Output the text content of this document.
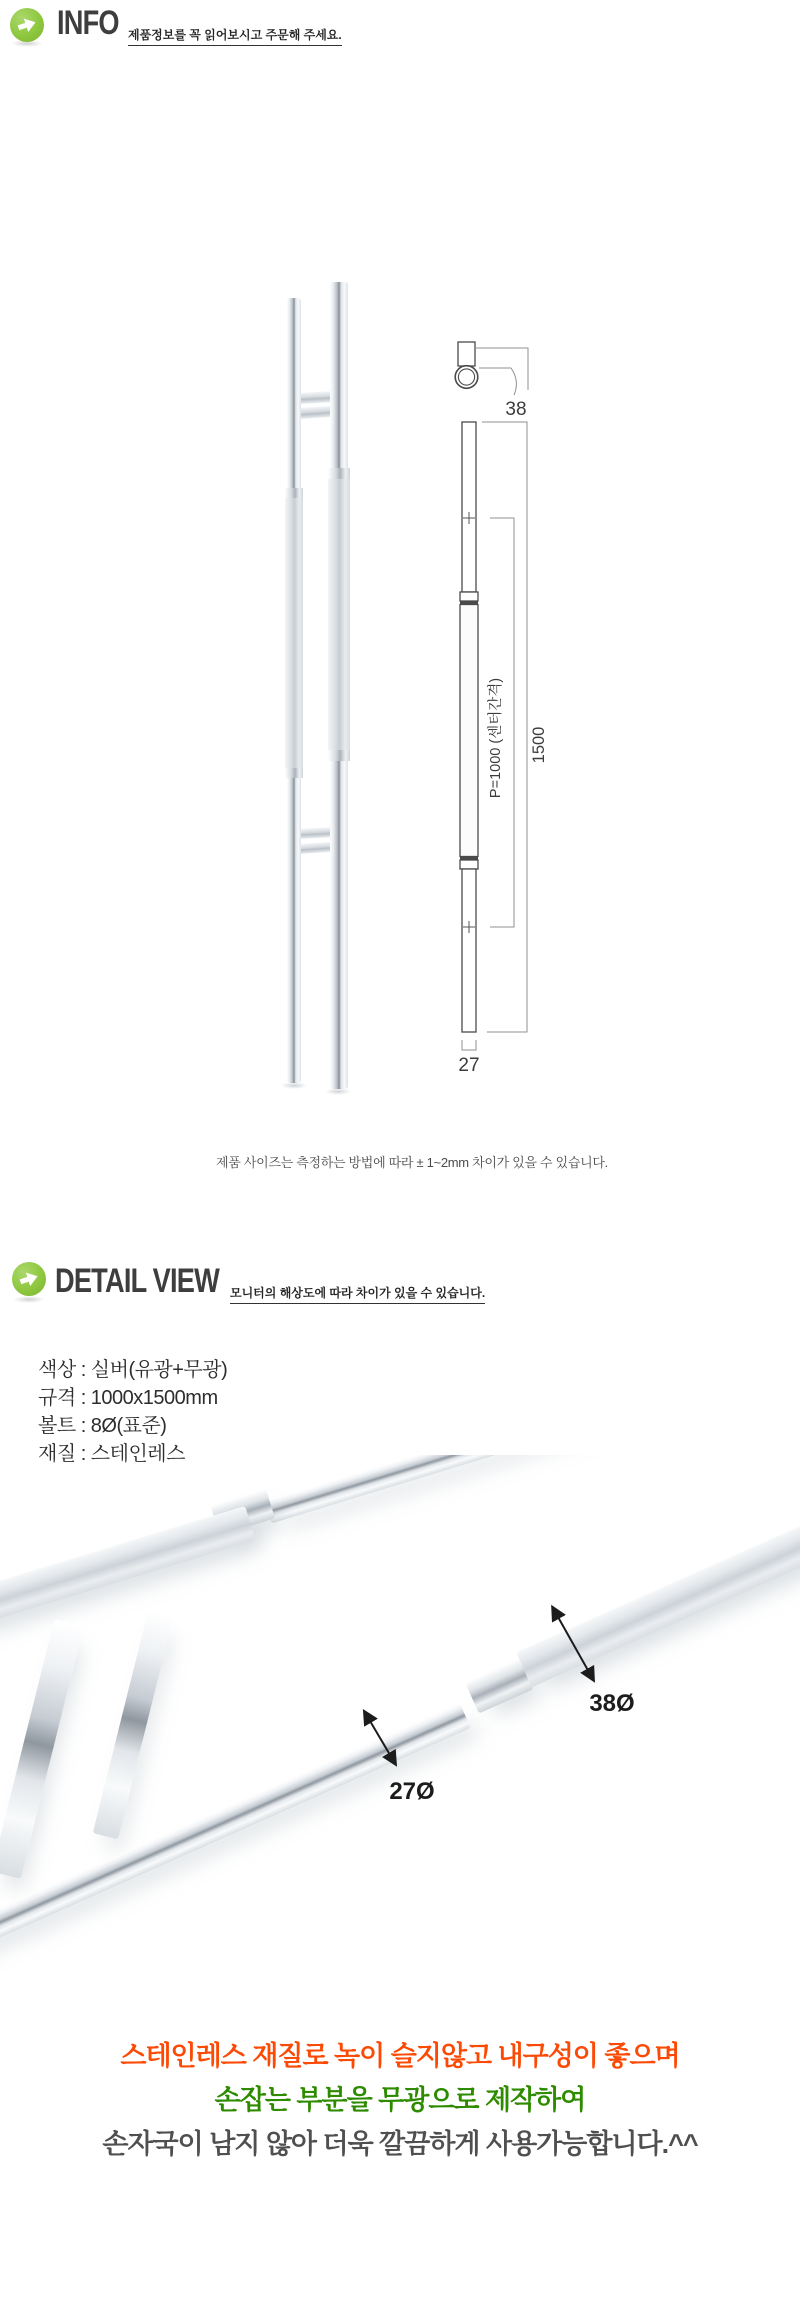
INFO 제품정보를 꼭 읽어보시고 주문해 주세요.
38
P=1000 (센터간격) 1500
27
제품 사이즈는 측정하는 방법에 따라 ± 1~2mm 차이가 있을 수 있습니다.
DETAIL VIEW 모니터의 해상도에 따라 차이가 있을 수 있습니다.
색상 : 실버(유광+무광)
규격 : 1000x1500mm
볼트 : 8Ø(표준)
재질 : 스테인레스
38Ø
27Ø
스테인레스 재질로 녹이 슬지않고 내구성이 좋으며
손잡는 부분을 무광으로 제작하여
손자국이 남지 않아 더욱 깔끔하게 사용가능합니다.^^
